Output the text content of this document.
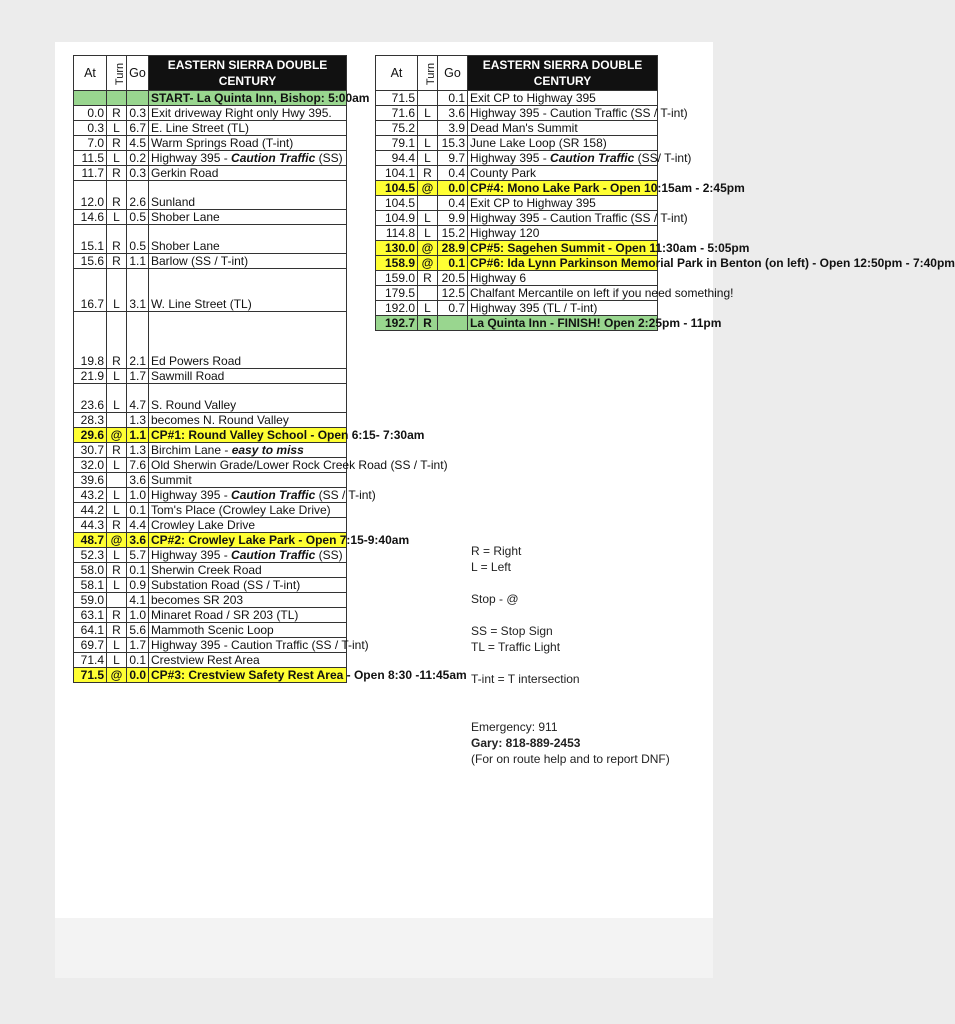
At	Turn	Go	EASTERN SIERRA DOUBLE CENTURY
			START- La Quinta Inn, Bishop: 5:00am
0.0	R	0.3	Exit driveway Right only Hwy 395.
0.3	L	6.7	E. Line Street (TL)
7.0	R	4.5	Warm Springs Road (T-int)
11.5	L	0.2	Highway 395 - Caution Traffic (SS)
11.7	R	0.3	Gerkin Road
12.0	R	2.6	Sunland
14.6	L	0.5	Shober Lane
15.1	R	0.5	Shober Lane
15.6	R	1.1	Barlow (SS / T-int)
16.7	L	3.1	W. Line Street (TL)
19.8	R	2.1	Ed Powers Road
21.9	L	1.7	Sawmill Road
23.6	L	4.7	S. Round Valley
28.3		1.3	becomes N. Round Valley
29.6	@	1.1	CP#1: Round Valley School - Open 6:15- 7:30am
30.7	R	1.3	Birchim Lane - easy to miss
32.0	L	7.6	Old Sherwin Grade/Lower Rock Creek Road (SS / T-int)
39.6		3.6	Summit
43.2	L	1.0	Highway 395 - Caution Traffic (SS / T-int)
44.2	L	0.1	Tom's Place (Crowley Lake Drive)
44.3	R	4.4	Crowley Lake Drive
48.7	@	3.6	CP#2: Crowley Lake Park - Open 7:15-9:40am
52.3	L	5.7	Highway 395 - Caution Traffic (SS)
58.0	R	0.1	Sherwin Creek Road
58.1	L	0.9	Substation Road (SS / T-int)
59.0		4.1	becomes SR 203
63.1	R	1.0	Minaret Road / SR 203 (TL)
64.1	R	5.6	Mammoth Scenic Loop
69.7	L	1.7	Highway 395 - Caution Traffic (SS / T-int)
71.4	L	0.1	Crestview Rest Area
71.5	@	0.0	CP#3: Crestview Safety Rest Area - Open 8:30 -11:45am
At	Turn	Go	EASTERN SIERRA DOUBLE CENTURY
71.5		0.1	Exit CP to Highway 395
71.6	L	3.6	Highway 395 - Caution Traffic (SS / T-int)
75.2		3.9	Dead Man's Summit
79.1	L	15.3	June Lake Loop (SR 158)
94.4	L	9.7	Highway 395 - Caution Traffic (SS/ T-int)
104.1	R	0.4	County Park
104.5	@	0.0	CP#4: Mono Lake Park - Open 10:15am - 2:45pm
104.5		0.4	Exit CP to Highway 395
104.9	L	9.9	Highway 395 - Caution Traffic (SS / T-int)
114.8	L	15.2	Highway 120
130.0	@	28.9	CP#5: Sagehen Summit - Open 11:30am - 5:05pm
158.9	@	0.1	CP#6: Ida Lynn Parkinson Memorial Park in Benton (on left) - Open 12:50pm - 7:40pm
159.0	R	20.5	Highway 6
179.5		12.5	Chalfant Mercantile on left if you need something!
192.0	L	0.7	Highway 395 (TL / T-int)
192.7	R		La Quinta Inn - FINISH! Open 2:25pm - 11pm
R = Right
L = Left
Stop - @
SS = Stop Sign
TL = Traffic Light
T-int = T intersection
Emergency: 911
Gary: 818-889-2453
(For on route help and to report DNF)
